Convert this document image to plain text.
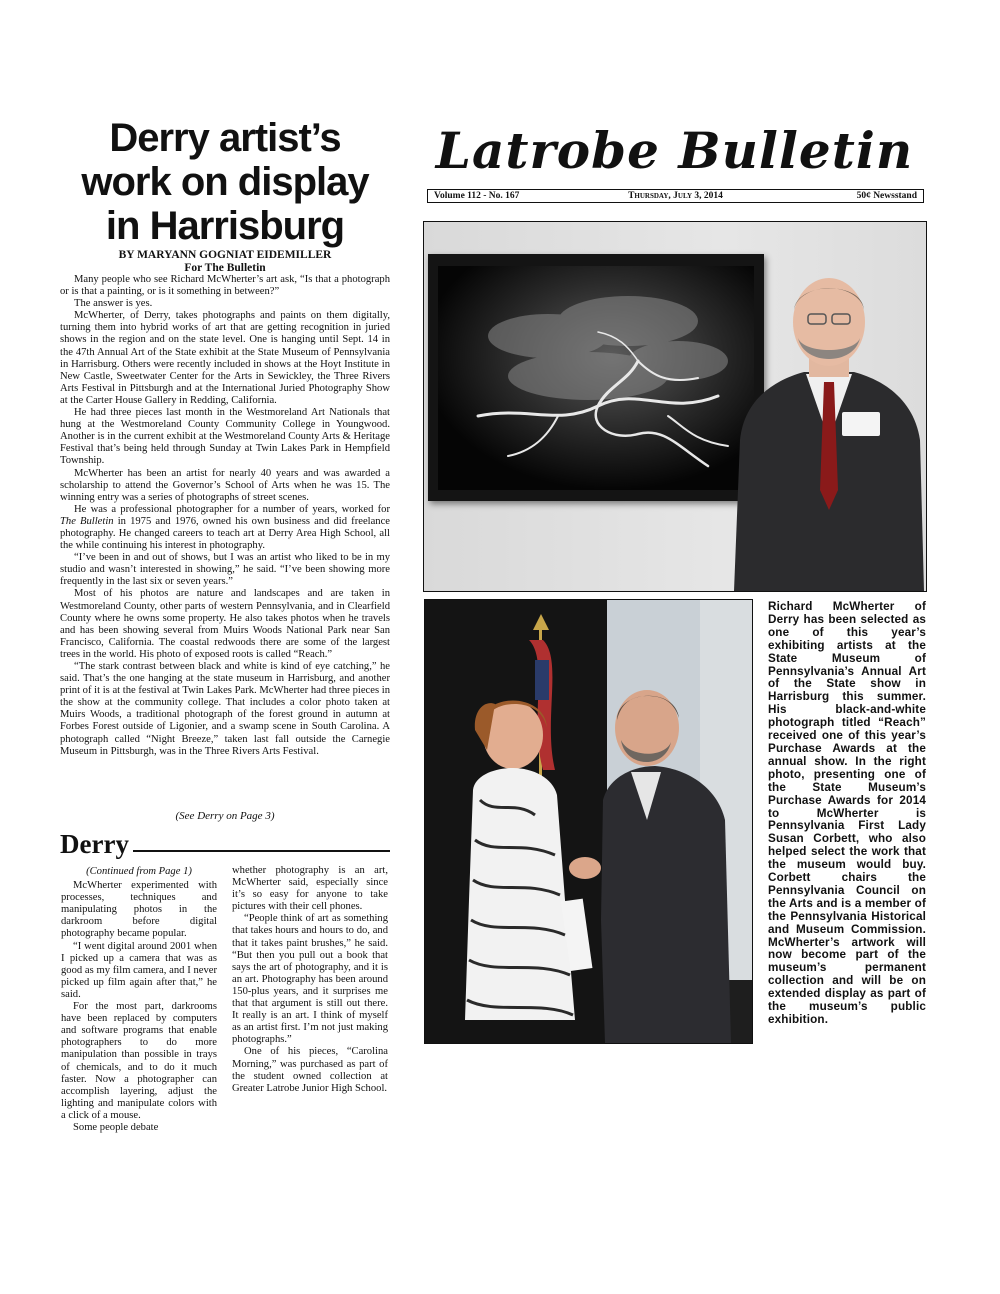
Derry artist’s
work on display
in Harrisburg
BY MARYANN GOGNIAT EIDEMILLER
For The Bulletin

Many people who see Richard McWherter’s art ask, “Is that a photograph or is that a painting, or is it something in between?”

The answer is yes.

McWherter, of Derry, takes photographs and paints on them digitally, turning them into hybrid works of art that are getting recognition in juried shows in the region and on the state level. One is hanging until Sept. 14 in the 47th Annual Art of the State exhibit at the State Museum of Pennsylvania in Harrisburg. Others were recently included in shows at the Hoyt Institute in New Castle, Sweetwater Center for the Arts in Sewickley, the Three Rivers Arts Festival in Pittsburgh and at the International Juried Photography Show at the Carter House Gallery in Redding, California.

He had three pieces last month in the Westmoreland Art Nationals that hung at the Westmoreland County Community College in Youngwood. Another is in the current exhibit at the Westmoreland County Arts & Heritage Festival that’s being held through Sunday at Twin Lakes Park in Hempfield Township.

McWherter has been an artist for nearly 40 years and was awarded a scholarship to attend the Governor’s School of Arts when he was 15. The winning entry was a series of photographs of street scenes.

He was a professional photographer for a number of years, worked for The Bulletin in 1975 and 1976, owned his own business and did freelance photography. He changed careers to teach art at Derry Area High School, all the while continuing his interest in photography.

“I’ve been in and out of shows, but I was an artist who liked to be in my studio and wasn’t interested in showing,” he said. “I’ve been showing more frequently in the last six or seven years.”

Most of his photos are nature and landscapes and are taken in Westmoreland County, other parts of western Pennsylvania, and in Clearfield County where he owns some property. He also takes photos when he travels and has been showing several from Muirs Woods National Park near San Francisco, California. The coastal redwoods there are some of the largest trees in the world. His photo of exposed roots is called “Reach.”

“The stark contrast between black and white is kind of eye catching,” he said. That’s the one hanging at the state museum in Harrisburg, and another print of it is at the festival at Twin Lakes Park. McWherter had three pieces in the show at the community college. That includes a color photo taken at Muirs Woods, a traditional photograph of the forest ground in autumn at Forbes Forest outside of Ligonier, and a swamp scene in South Carolina. A photograph called “Night Breeze,” taken last fall outside the Carnegie Museum in Pittsburgh, was in the Three Rivers Arts Festival.

(See Derry on Page 3)
Derry

(Continued from Page 1)

McWherter experimented with processes, techniques and manipulating photos in the darkroom before digital photography became popular.

“I went digital around 2001 when I picked up a camera that was as good as my film camera, and I never picked up film again after that,” he said.

For the most part, darkrooms have been replaced by computers and software programs that enable photographers to do more manipulation than possible in trays of chemicals, and to do it much faster. Now a photographer can accomplish layering, adjust the lighting and manipulate colors with a click of a mouse.

Some people debate

whether photography is an art, McWherter said, especially since it’s so easy for anyone to take pictures with their cell phones.

“People think of art as something that takes hours and hours to do, and that it takes paint brushes,” he said. “But then you pull out a book that says the art of photography, and it is an art. Photography has been around 150-plus years, and it surprises me that that argument is still out there. It really is an art. I think of myself as an artist first. I’m not just making photographs.”

One of his pieces, “Carolina Morning,” was purchased as part of the student owned collection at Greater Latrobe Junior High School.

Latrobe Bulletin
Thursday, July 3, 2014
Volume 112 - No. 167	50¢ Newsstand
Richard McWherter of Derry has been selected as one of this year’s exhibiting artists at the State Museum of Pennsylvania’s Annual Art of the State show in Harrisburg this summer. His black-and-white photograph titled “Reach” received one of this year’s Purchase Awards at the annual show. In the right photo, presenting one of the State Museum’s Purchase Awards for 2014 to McWherter is Pennsylvania First Lady Susan Corbett, who also helped select the work that the museum would buy. Corbett chairs the Pennsylvania Council on the Arts and is a member of the Pennsylvania Historical and Museum Commission. McWherter’s artwork will now become part of the museum’s permanent collection and will be on extended display as part of the museum’s public exhibition.
